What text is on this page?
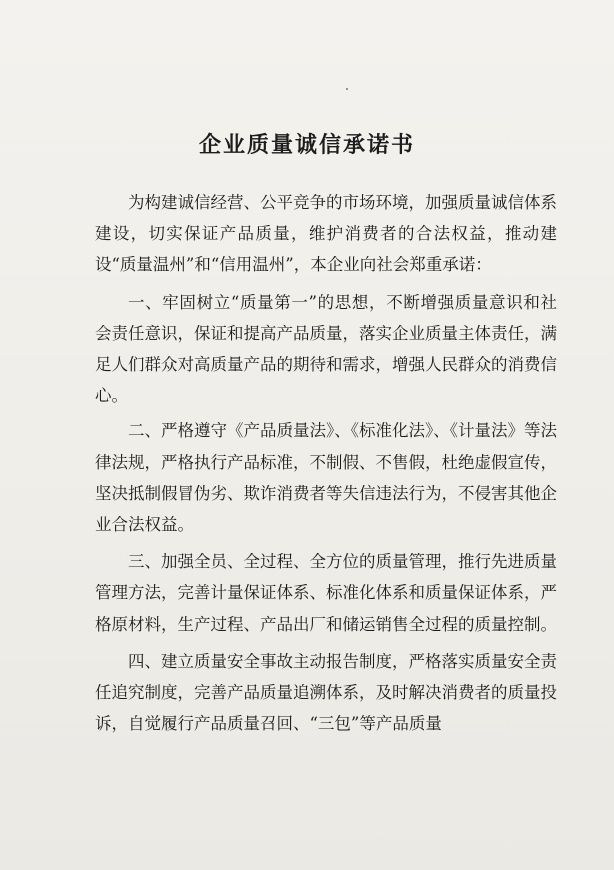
企业质量诚信承诺书

为构建诚信经营、公平竞争的市场环境，加强质量诚信体系建设，切实保证产品质量，维护消费者的合法权益，推动建设“质量温州”和“信用温州”，本企业向社会郑重承诺：

一、牢固树立“质量第一”的思想，不断增强质量意识和社会责任意识，保证和提高产品质量，落实企业质量主体责任，满足人们群众对高质量产品的期待和需求，增强人民群众的消费信心。

二、严格遵守《产品质量法》、《标准化法》、《计量法》等法律法规，严格执行产品标准，不制假、不售假，杜绝虚假宣传，坚决抵制假冒伪劣、欺诈消费者等失信违法行为，不侵害其他企业合法权益。

三、加强全员、全过程、全方位的质量管理，推行先进质量管理方法，完善计量保证体系、标准化体系和质量保证体系，严格原材料，生产过程、产品出厂和储运销售全过程的质量控制。

四、建立质量安全事故主动报告制度，严格落实质量安全责任追究制度，完善产品质量追溯体系，及时解决消费者的质量投诉，自觉履行产品质量召回、“三包”等产品质量
